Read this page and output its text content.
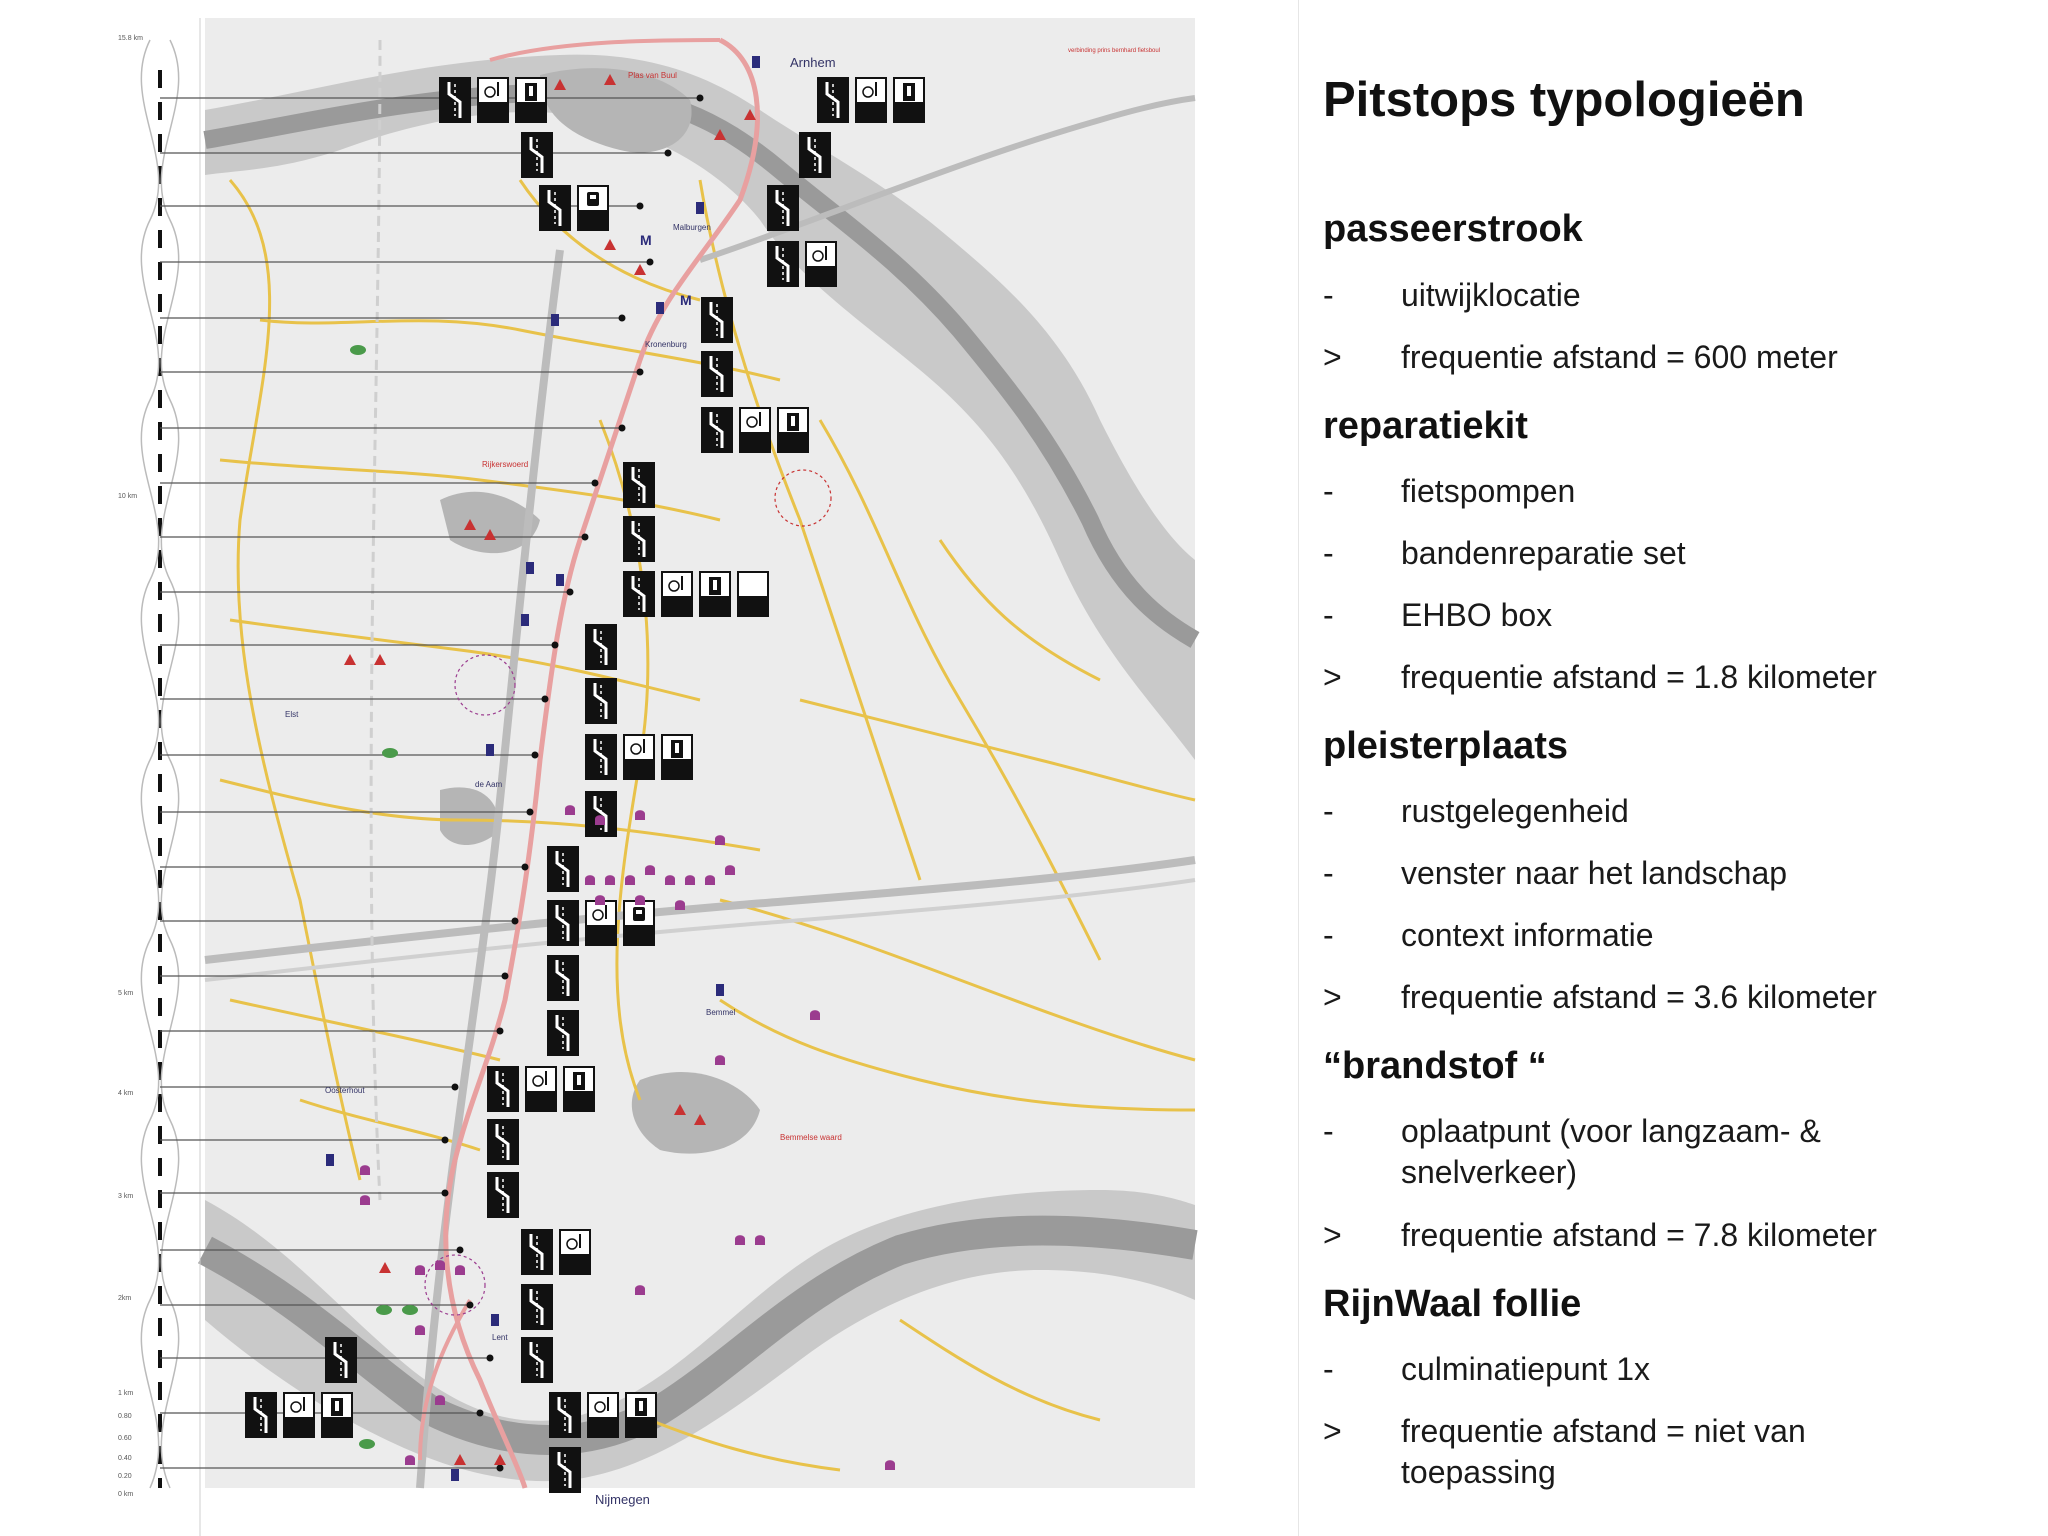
15.8 km
10 km
5 km
4 km
3 km
2km
1 km
0.80
0.60
0.40
0.20
0 km
M
M
Arnhem
Plas van Buul
Malburgen
Kronenburg
Rijkerswoerd
Elst
de Aam
Bemmel
Oosterhout
Bemmelse waard
Lent
Nijmegen
verbinding prins bernhard fietsboul
Pitstops typologieën
passeerstrook
-	uitwijklocatie
>	frequentie afstand = 600 meter
reparatiekit
-	fietspompen
-	bandenreparatie set
-	EHBO box
>	frequentie afstand = 1.8 kilometer
pleisterplaats
-	rustgelegenheid
-	venster naar het landschap
-	context informatie
>	frequentie afstand = 3.6 kilometer
“brandstof “
-	oplaatpunt (voor langzaam- & snelverkeer)
>	frequentie afstand = 7.8 kilometer
RijnWaal follie
-	culminatiepunt 1x
>	frequentie afstand = niet van toepassing
